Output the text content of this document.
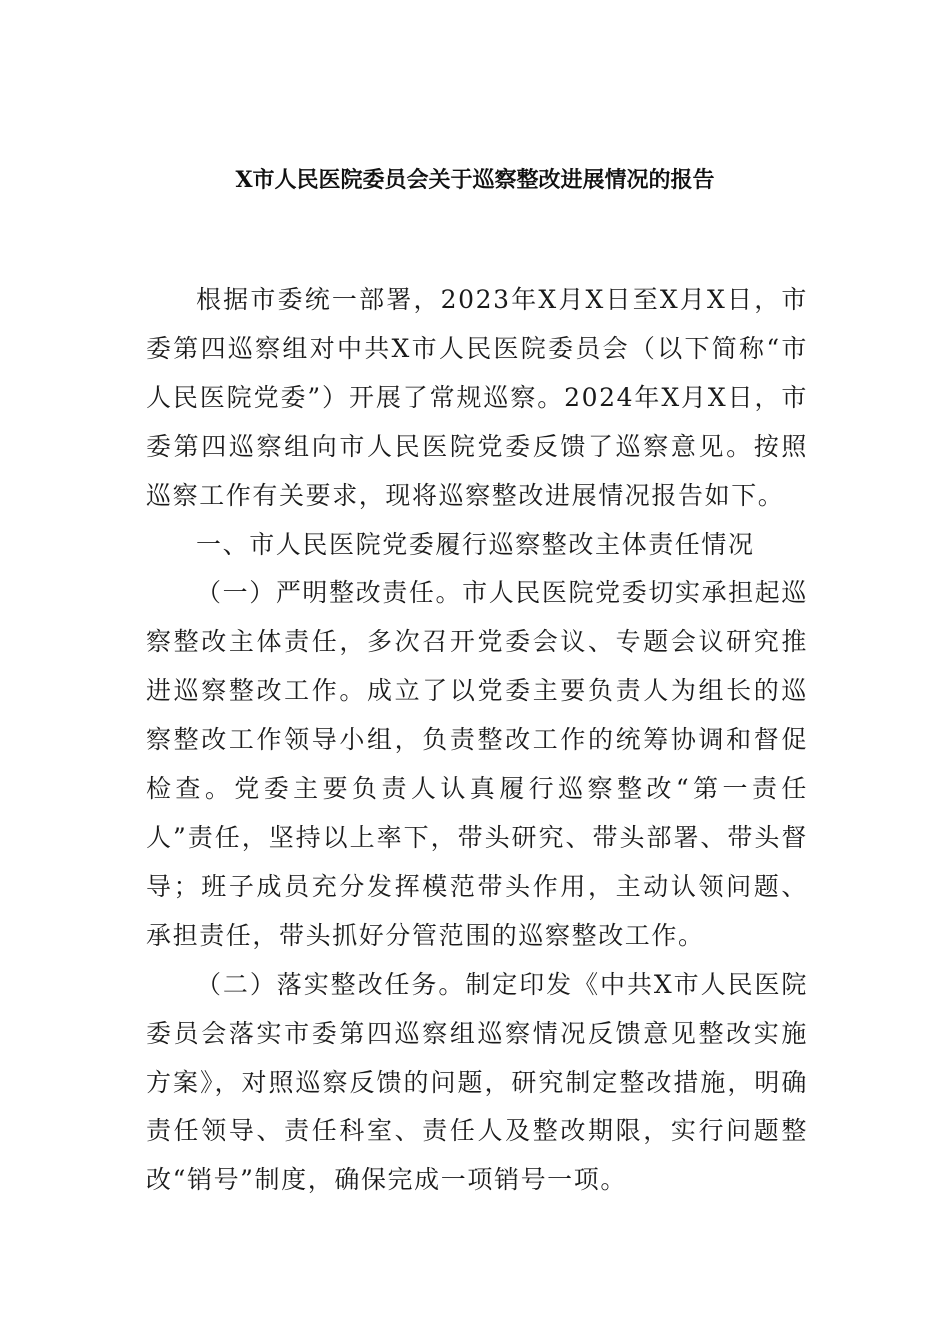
X市人民医院委员会关于巡察整改进展情况的报告

根据市委统一部署，2023年X月X日至X月X日，市委第四巡察组对中共X市人民医院委员会（以下简称“市人民医院党委”）开展了常规巡察。2024年X月X日，市委第四巡察组向市人民医院党委反馈了巡察意见。按照巡察工作有关要求，现将巡察整改进展情况报告如下。

一、市人民医院党委履行巡察整改主体责任情况

（一）严明整改责任。市人民医院党委切实承担起巡察整改主体责任，多次召开党委会议、专题会议研究推进巡察整改工作。成立了以党委主要负责人为组长的巡察整改工作领导小组，负责整改工作的统筹协调和督促检查。党委主要负责人认真履行巡察整改“第一责任人”责任，坚持以上率下，带头研究、带头部署、带头督导；班子成员充分发挥模范带头作用，主动认领问题、承担责任，带头抓好分管范围的巡察整改工作。

（二）落实整改任务。制定印发《中共X市人民医院委员会落实市委第四巡察组巡察情况反馈意见整改实施方案》，对照巡察反馈的问题，研究制定整改措施，明确责任领导、责任科室、责任人及整改期限，实行问题整改“销号”制度，确保完成一项销号一项。
